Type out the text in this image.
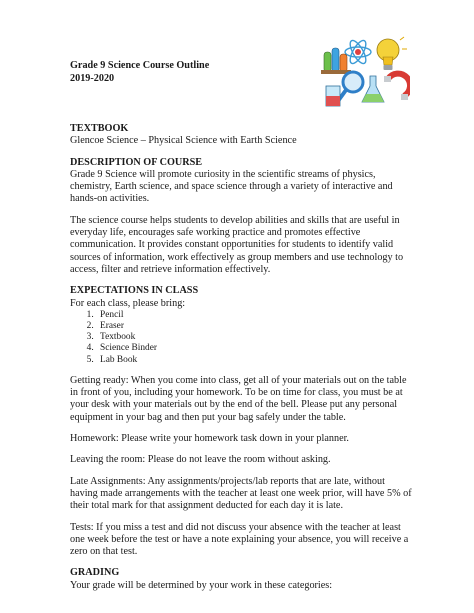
Grade 9 Science Course Outline
2019-2020

TEXTBOOK

Glencoe Science – Physical Science with Earth Science

DESCRIPTION OF COURSE

Grade 9 Science will promote curiosity in the scientific streams of physics, chemistry, Earth science, and space science through a variety of interactive and hands-on activities.

The science course helps students to develop abilities and skills that are useful in everyday life, encourages safe working practice and promotes effective communication. It provides constant opportunities for students to identify valid sources of information, work effectively as group members and use technology to access, filter and retrieve information effectively.

EXPECTATIONS IN CLASS

For each class, please bring:

1. Pencil
2. Eraser
3. Textbook
4. Science Binder
5. Lab Book

Getting ready: When you come into class, get all of your materials out on the table in front of you, including your homework. To be on time for class, you must be at your desk with your materials out by the end of the bell. Please put any personal equipment in your bag and then put your bag safely under the table.

Homework: Please write your homework task down in your planner.

Leaving the room: Please do not leave the room without asking.

Late Assignments: Any assignments/projects/lab reports that are late, without having made arrangements with the teacher at least one week prior, will have 5% of their total mark for that assignment deducted for each day it is late.

Tests: If you miss a test and did not discuss your absence with the teacher at least one week before the test or have a note explaining your absence, you will receive a zero on that test.

GRADING

Your grade will be determined by your work in these categories:
